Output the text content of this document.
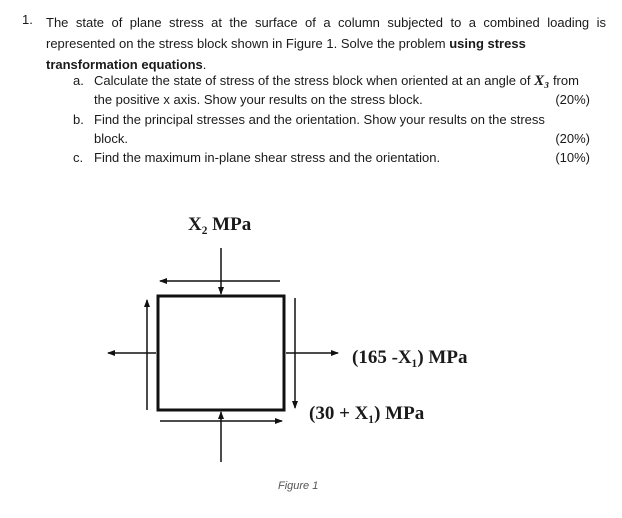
1. The state of plane stress at the surface of a column subjected to a combined loading is represented on the stress block shown in Figure 1. Solve the problem using stress
transformation equations.
a. Calculate the state of stress of the stress block when oriented at an angle of X₃ from
the positive x axis. Show your results on the stress block.	(20%)
b. Find the principal stresses and the orientation. Show your results on the stress
block.	(20%)
c. Find the maximum in-plane shear stress and the orientation.	(10%)
X₂ MPa
(165 -X₁) MPa
(30 + X₁) MPa
Figure 1
